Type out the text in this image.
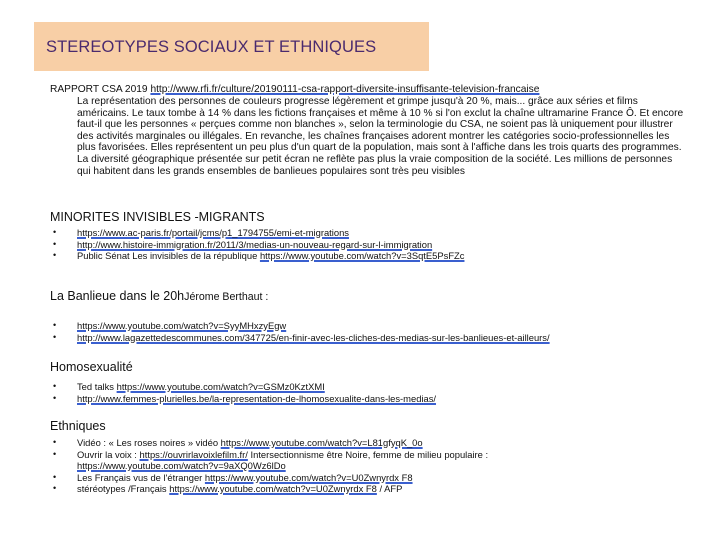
STEREOTYPES SOCIAUX ET ETHNIQUES
RAPPORT CSA 2019 http://www.rfi.fr/culture/20190111-csa-rapport-diversite-insuffisante-television-francaise
La représentation des personnes de couleurs progresse légèrement et grimpe jusqu'à 20 %, mais... grâce aux séries et films américains. Le taux tombe à 14 % dans les fictions françaises et même à 10 % si l'on exclut la chaîne ultramarine France Ô. Et encore faut-il que les personnes « perçues comme non blanches », selon la terminologie du CSA, ne soient pas là uniquement pour illustrer des activités marginales ou illégales. En revanche, les chaînes françaises adorent montrer les catégories socio-professionnelles les plus favorisées. Elles représentent un peu plus d'un quart de la population, mais sont à l'affiche dans les trois quarts des programmes. La diversité géographique présentée sur petit écran ne reflète pas plus la vraie composition de la société. Les millions de personnes qui habitent dans les grands ensembles de banlieues populaires sont très peu visibles
MINORITES INVISIBLES -MIGRANTS
• https://www.ac-paris.fr/portail/jcms/p1_1794755/emi-et-migrations
• http://www.histoire-immigration.fr/2011/3/medias-un-nouveau-regard-sur-l-immigration
• Public Sénat Les invisibles de la république https://www.youtube.com/watch?v=3SqtE5PsFZc
La Banlieue dans le 20hJérome Berthaut :
• https://www.youtube.com/watch?v=SyyMHxzyEgw
• http://www.lagazettedescommunes.com/347725/en-finir-avec-les-cliches-des-medias-sur-les-banlieues-et-ailleurs/
Homosexualité
• Ted talks https://www.youtube.com/watch?v=GSMz0KztXMI
• http://www.femmes-plurielles.be/la-representation-de-lhomosexualite-dans-les-medias/
Ethniques
• Vidéo : « Les roses noires » vidéo https://www.youtube.com/watch?v=L81gfyqK_0o
• Ouvrir la voix : https://ouvrirlavoixlefilm.fr/ Intersectionnisme être Noire, femme de milieu populaire : https://www.youtube.com/watch?v=9aXQ0Wz6lDo
• Les Français vus de l'étranger https://www.youtube.com/watch?v=U0Zwnyrdx F8
• stéréotypes /Français https://www.youtube.com/watch?v=U0Zwnyrdx F8 / AFP
